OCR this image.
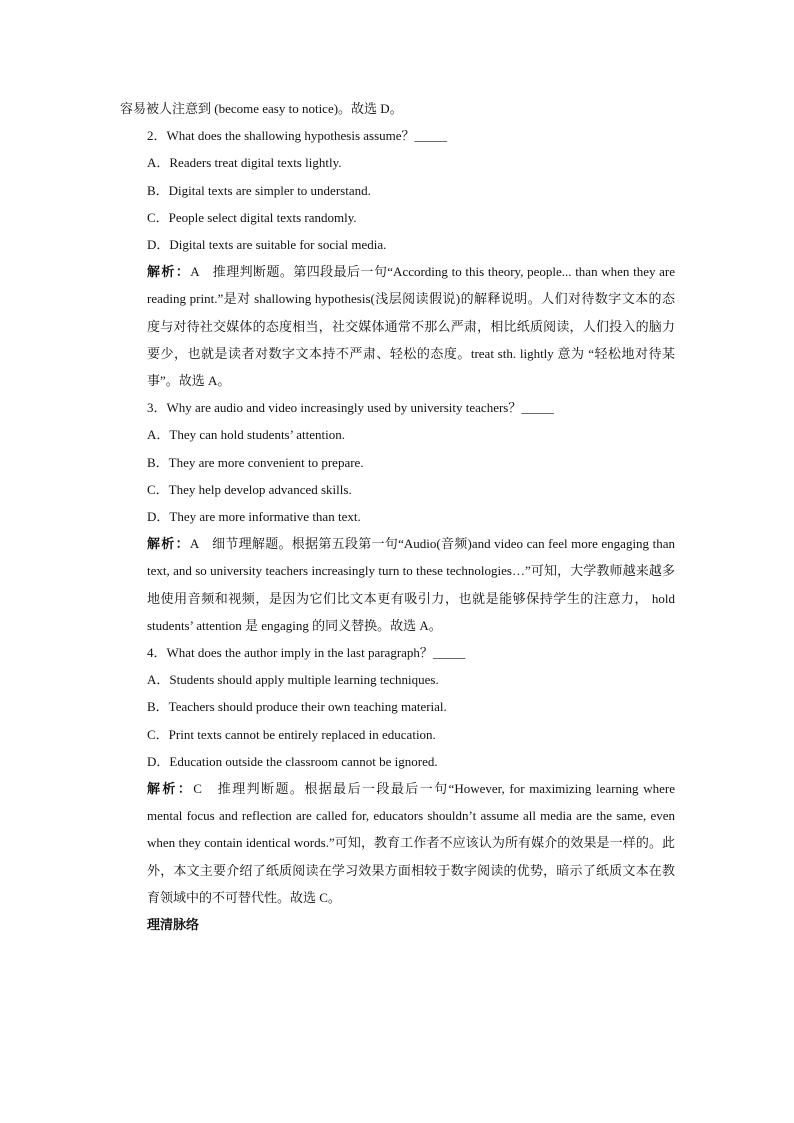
容易被人注意到 (become easy to notice)。故选 D。

2．What does the shallowing hypothesis assume？_____

A．Readers treat digital texts lightly.

B．Digital texts are simpler to understand.

C．People select digital texts randomly.

D．Digital texts are suitable for social media.

解析：A　推理判断题。第四段最后一句“According to this theory, people... than when they are reading print.”是对 shallowing hypothesis(浅层阅读假说)的解释说明。人们对待数字文本的态度与对待社交媒体的态度相当，社交媒体通常不那么严肃，相比纸质阅读，人们投入的脑力要少，也就是读者对数字文本持不严肃、轻松的态度。treat sth. lightly 意为 “轻松地对待某事”。故选 A。

3．Why are audio and video increasingly used by university teachers？_____

A．They can hold students’ attention.

B．They are more convenient to prepare.

C．They help develop advanced skills.

D．They are more informative than text.

解析：A　细节理解题。根据第五段第一句“Audio(音频)and video can feel more engaging than text, and so university teachers increasingly turn to these technologies…”可知，大学教师越来越多地使用音频和视频，是因为它们比文本更有吸引力，也就是能够保持学生的注意力， hold students’ attention 是 engaging 的同义替换。故选 A。

4．What does the author imply in the last paragraph？_____

A．Students should apply multiple learning techniques.

B．Teachers should produce their own teaching material.

C．Print texts cannot be entirely replaced in education.

D．Education outside the classroom cannot be ignored.

解析：C　推理判断题。根据最后一段最后一句“However, for maximizing learning where mental focus and reflection are called for, educators shouldn’t assume all media are the same, even when they contain identical words.”可知，教育工作者不应该认为所有媒介的效果是一样的。此外，本文主要介绍了纸质阅读在学习效果方面相较于数字阅读的优势，暗示了纸质文本在教育领域中的不可替代性。故选 C。

理清脉络
